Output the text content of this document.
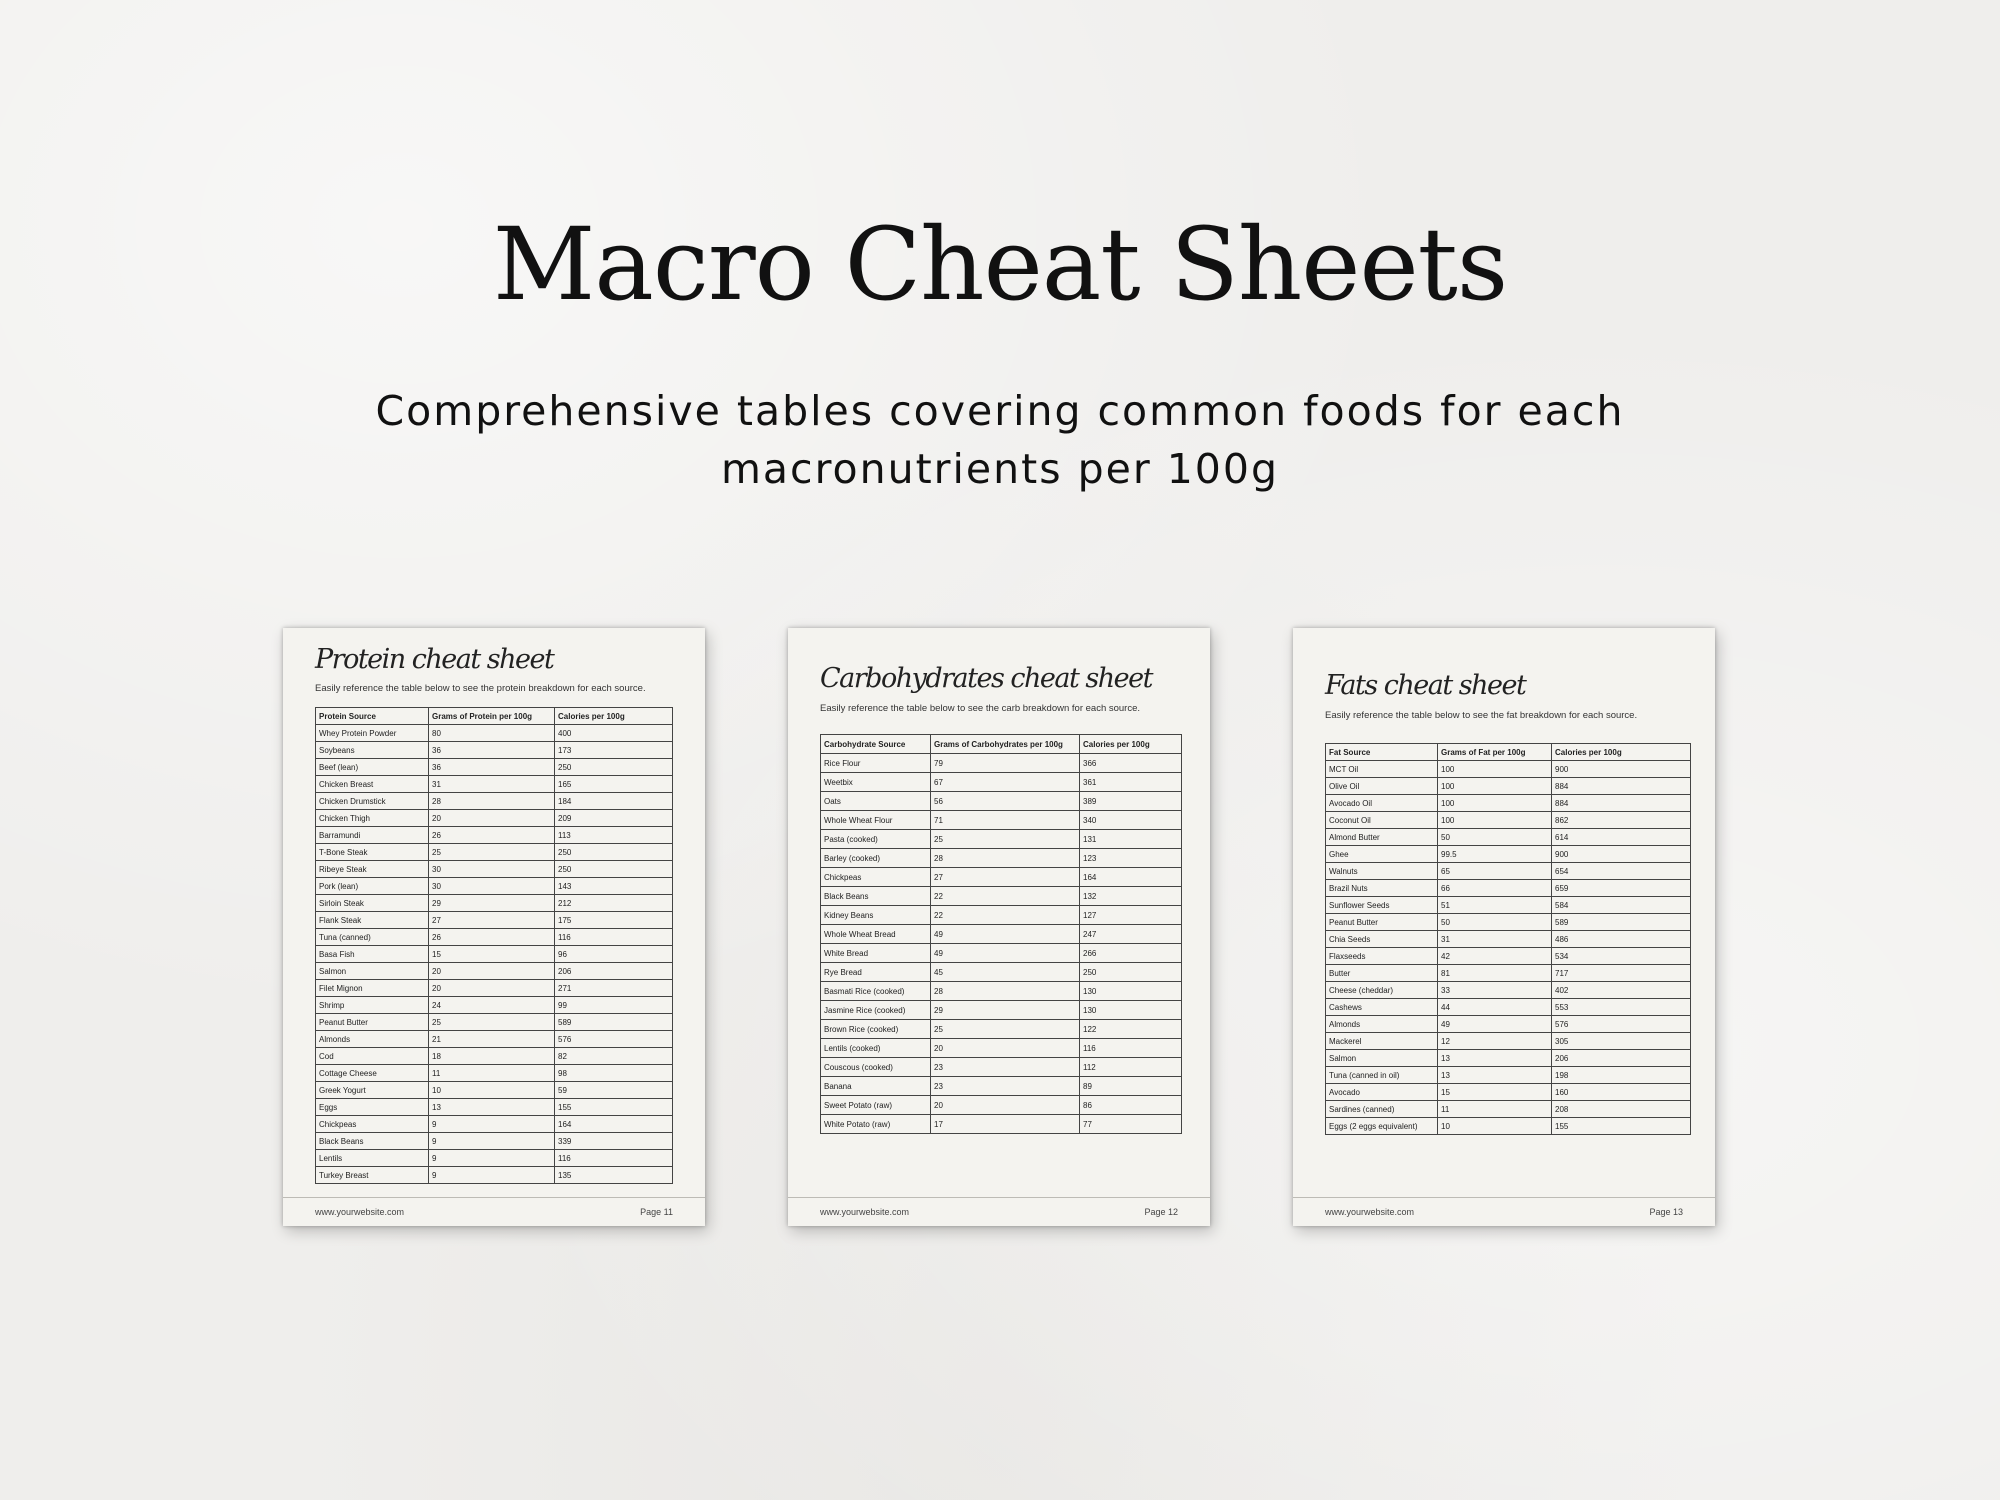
Macro Cheat Sheets
Comprehensive tables covering common foods for each macronutrients per 100g
Protein cheat sheet
Easily reference the table below to see the protein breakdown for each source.
Protein Source	Grams of Protein per 100g	Calories per 100g
Whey Protein Powder	80	400
Soybeans	36	173
Beef (lean)	36	250
Chicken Breast	31	165
Chicken Drumstick	28	184
Chicken Thigh	20	209
Barramundi	26	113
T-Bone Steak	25	250
Ribeye Steak	30	250
Pork (lean)	30	143
Sirloin Steak	29	212
Flank Steak	27	175
Tuna (canned)	26	116
Basa Fish	15	96
Salmon	20	206
Filet Mignon	20	271
Shrimp	24	99
Peanut Butter	25	589
Almonds	21	576
Cod	18	82
Cottage Cheese	11	98
Greek Yogurt	10	59
Eggs	13	155
Chickpeas	9	164
Black Beans	9	339
Lentils	9	116
Turkey Breast	9	135
www.yourwebsite.com	Page 11
Carbohydrates cheat sheet
Easily reference the table below to see the carb breakdown for each source.
Carbohydrate Source	Grams of Carbohydrates per 100g	Calories per 100g
Rice Flour	79	366
Weetbix	67	361
Oats	56	389
Whole Wheat Flour	71	340
Pasta (cooked)	25	131
Barley (cooked)	28	123
Chickpeas	27	164
Black Beans	22	132
Kidney Beans	22	127
Whole Wheat Bread	49	247
White Bread	49	266
Rye Bread	45	250
Basmati Rice (cooked)	28	130
Jasmine Rice (cooked)	29	130
Brown Rice (cooked)	25	122
Lentils (cooked)	20	116
Couscous (cooked)	23	112
Banana	23	89
Sweet Potato (raw)	20	86
White Potato (raw)	17	77
www.yourwebsite.com	Page 12
Fats cheat sheet
Easily reference the table below to see the fat breakdown for each source.
Fat Source	Grams of Fat per 100g	Calories per 100g
MCT Oil	100	900
Olive Oil	100	884
Avocado Oil	100	884
Coconut Oil	100	862
Almond Butter	50	614
Ghee	99.5	900
Walnuts	65	654
Brazil Nuts	66	659
Sunflower Seeds	51	584
Peanut Butter	50	589
Chia Seeds	31	486
Flaxseeds	42	534
Butter	81	717
Cheese (cheddar)	33	402
Cashews	44	553
Almonds	49	576
Mackerel	12	305
Salmon	13	206
Tuna (canned in oil)	13	198
Avocado	15	160
Sardines (canned)	11	208
Eggs (2 eggs equivalent)	10	155
www.yourwebsite.com	Page 13
